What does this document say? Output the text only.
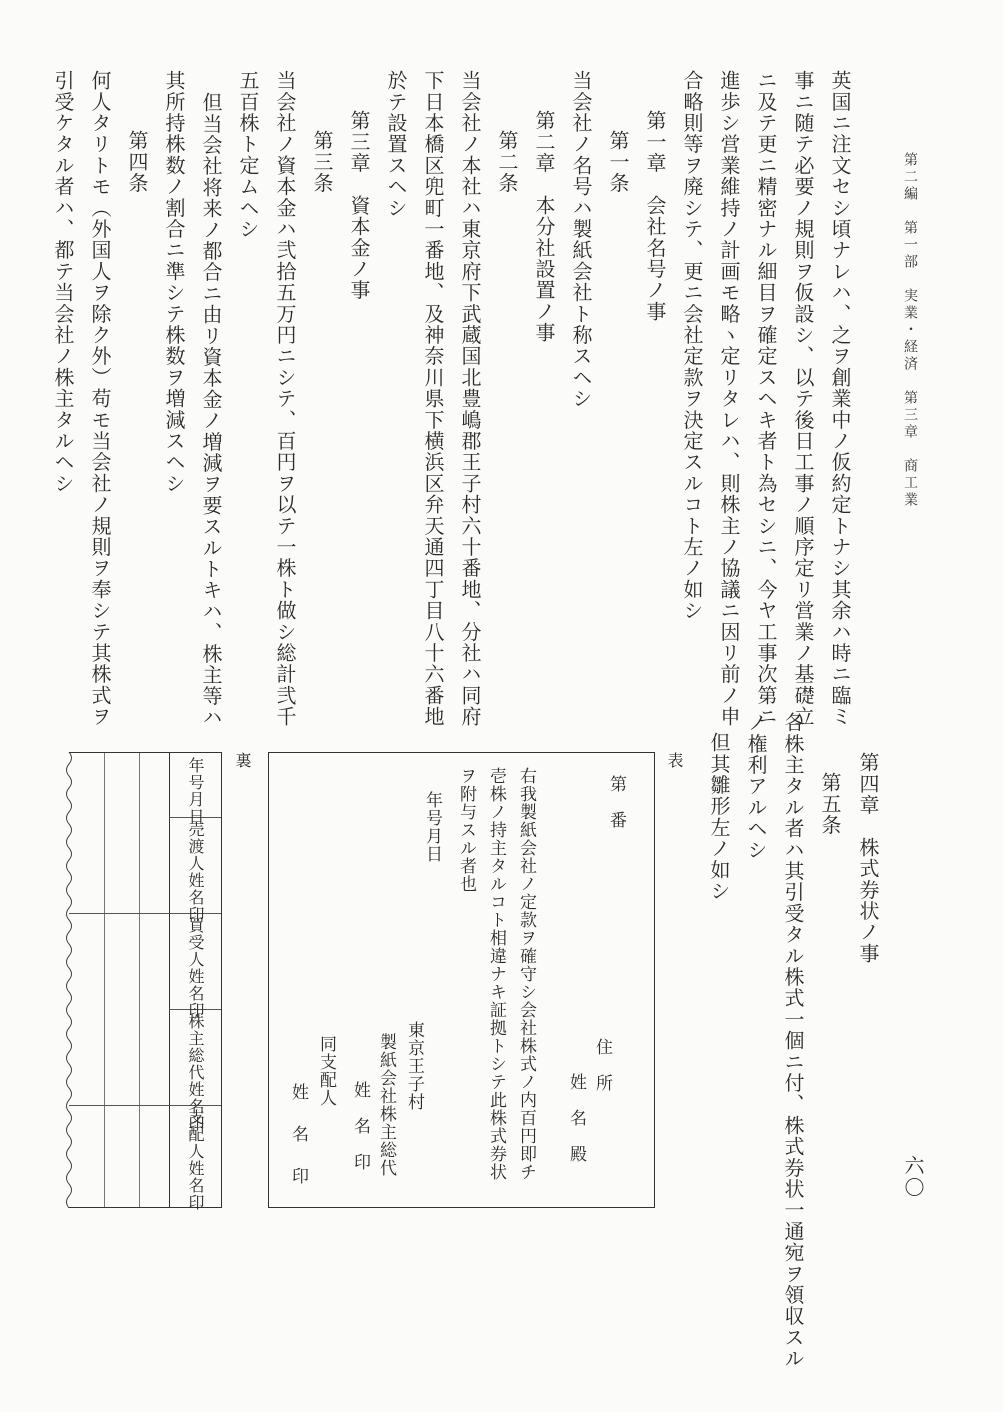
第二編　第一部　実業・経済　第三章　商工業
六〇
英国ニ注文セシ頃ナレハ、之ヲ創業中ノ仮約定トナシ其余ハ時ニ臨ミ
事ニ随テ必要ノ規則ヲ仮設シ、以テ後日工事ノ順序定リ営業ノ基礎立
ニ及テ更ニ精密ナル細目ヲ確定スヘキ者ト為セシニ、今ヤ工事次第ニ
進歩シ営業維持ノ計画モ略ヽ定リタレハ、則株主ノ協議ニ因リ前ノ申
合略則等ヲ廃シテ、更ニ会社定款ヲ決定スルコト左ノ如シ
第一章　会社名号ノ事
第一条
当会社ノ名号ハ製紙会社ト称スヘシ
第二章　本分社設置ノ事
第二条
当会社ノ本社ハ東京府下武蔵国北豊嶋郡王子村六十番地、分社ハ同府
下日本橋区兜町一番地、及神奈川県下横浜区弁天通四丁目八十六番地
於テ設置スヘシ
第三章　資本金ノ事
第三条
当会社ノ資本金ハ弐拾五万円ニシテ、百円ヲ以テ一株ト做シ総計弐千
五百株ト定ムヘシ
但当会社将来ノ都合ニ由リ資本金ノ増減ヲ要スルトキハ、株主等ハ
其所持株数ノ割合ニ準シテ株数ヲ増減スヘシ
第四条
何人タリトモ（外国人ヲ除ク外）苟モ当会社ノ規則ヲ奉シテ其株式ヲ
引受ケタル者ハ、都テ当会社ノ株主タルヘシ
第四章　株式券状ノ事
第五条
各株主タル者ハ其引受タル株式一個ニ付、株式券状一通宛ヲ領収スル
ノ権利アルヘシ
但其雛形左ノ如シ
表
第　番
住　所
姓　名　殿
右我製紙会社ノ定款ヲ確守シ会社株式ノ内百円即チ
壱株ノ持主タルコト相違ナキ証拠トシテ此株式券状
ヲ附与スル者也
年号月日
東京王子村
製紙会社株主総代
姓　名　印
同支配人
姓
名
印
裏
年号月日
売渡人姓名印
買受人姓名印
株主総代姓名印
支配人姓名印
